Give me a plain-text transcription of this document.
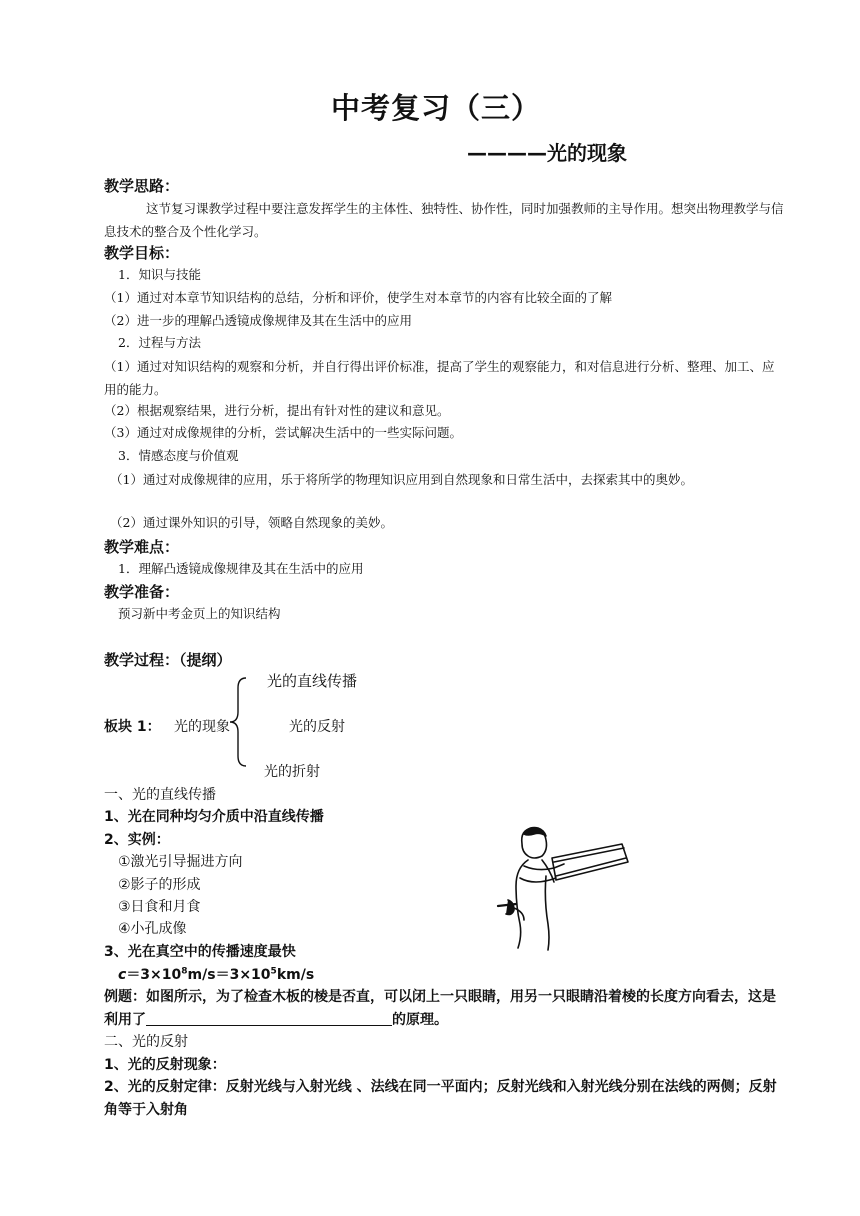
中考复习（三）
————光的现象
教学思路：
这节复习课教学过程中要注意发挥学生的主体性、独特性、协作性，同时加强教师的主导作用。想突出物理教学与信息技术的整合及个性化学习。
教学目标：
1．知识与技能
（1）通过对本章节知识结构的总结，分析和评价，使学生对本章节的内容有比较全面的了解
（2）进一步的理解凸透镜成像规律及其在生活中的应用
2．过程与方法
（1）通过对知识结构的观察和分析，并自行得出评价标准，提高了学生的观察能力，和对信息进行分析、整理、加工、应用的能力。
（2）根据观察结果，进行分析，提出有针对性的建议和意见。
（3）通过对成像规律的分析，尝试解决生活中的一些实际问题。
3．情感态度与价值观
（1）通过对成像规律的应用，乐于将所学的物理知识应用到自然现象和日常生活中，去探索其中的奥妙。
（2）通过课外知识的引导，领略自然现象的美妙。
教学难点：
1．理解凸透镜成像规律及其在生活中的应用
教学准备：
预习新中考金页上的知识结构
教学过程：（提纲）
板块 1： 光的现象
光的直线传播
光的反射
光的折射
一、光的直线传播
1、光在同种均匀介质中沿直线传播
2、实例：
①激光引导掘进方向
②影子的形成
③日食和月食
④小孔成像
3、光在真空中的传播速度最快
$c=3\times 10^8m/s=3\times 10^5km/s$
例题：如图所示，为了检查木板的棱是否直，可以闭上一只眼睛，用另一只眼睛沿着棱的长度方向看去，这是利用了	的原理。
二、光的反射
1、光的反射现象：
2、光的反射定律：反射光线与入射光线 、法线在同一平面内；反射光线和入射光线分别在法线的两侧；反射角等于入射角
